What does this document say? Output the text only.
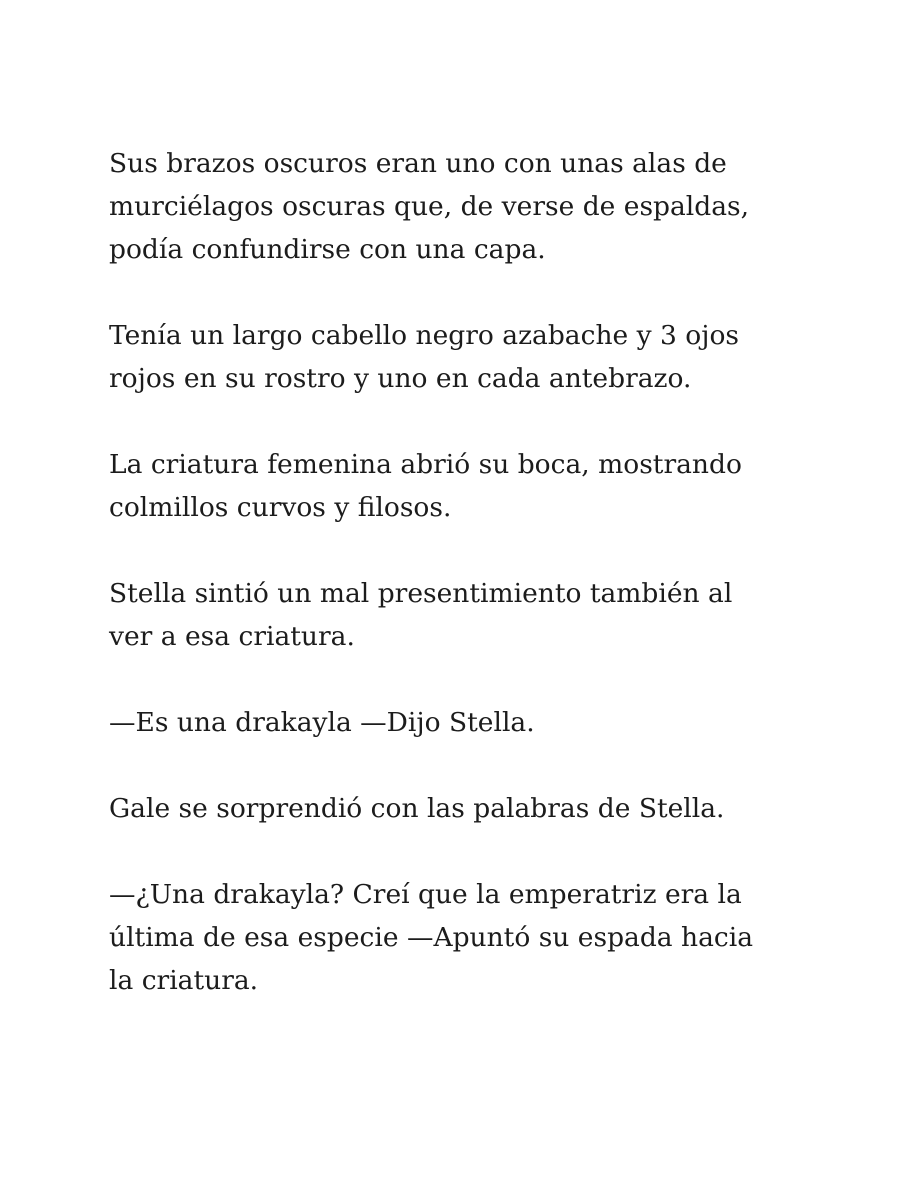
Sus brazos oscuros eran uno con unas alas de
murciélagos oscuras que, de verse de espaldas,
podía confundirse con una capa.

Tenía un largo cabello negro azabache y 3 ojos
rojos en su rostro y uno en cada antebrazo.

La criatura femenina abrió su boca, mostrando
colmillos curvos y filosos.

Stella sintió un mal presentimiento también al
ver a esa criatura.

—Es una drakayla —Dijo Stella.

Gale se sorprendió con las palabras de Stella.

—¿Una drakayla? Creí que la emperatriz era la
última de esa especie —Apuntó su espada hacia
la criatura.
